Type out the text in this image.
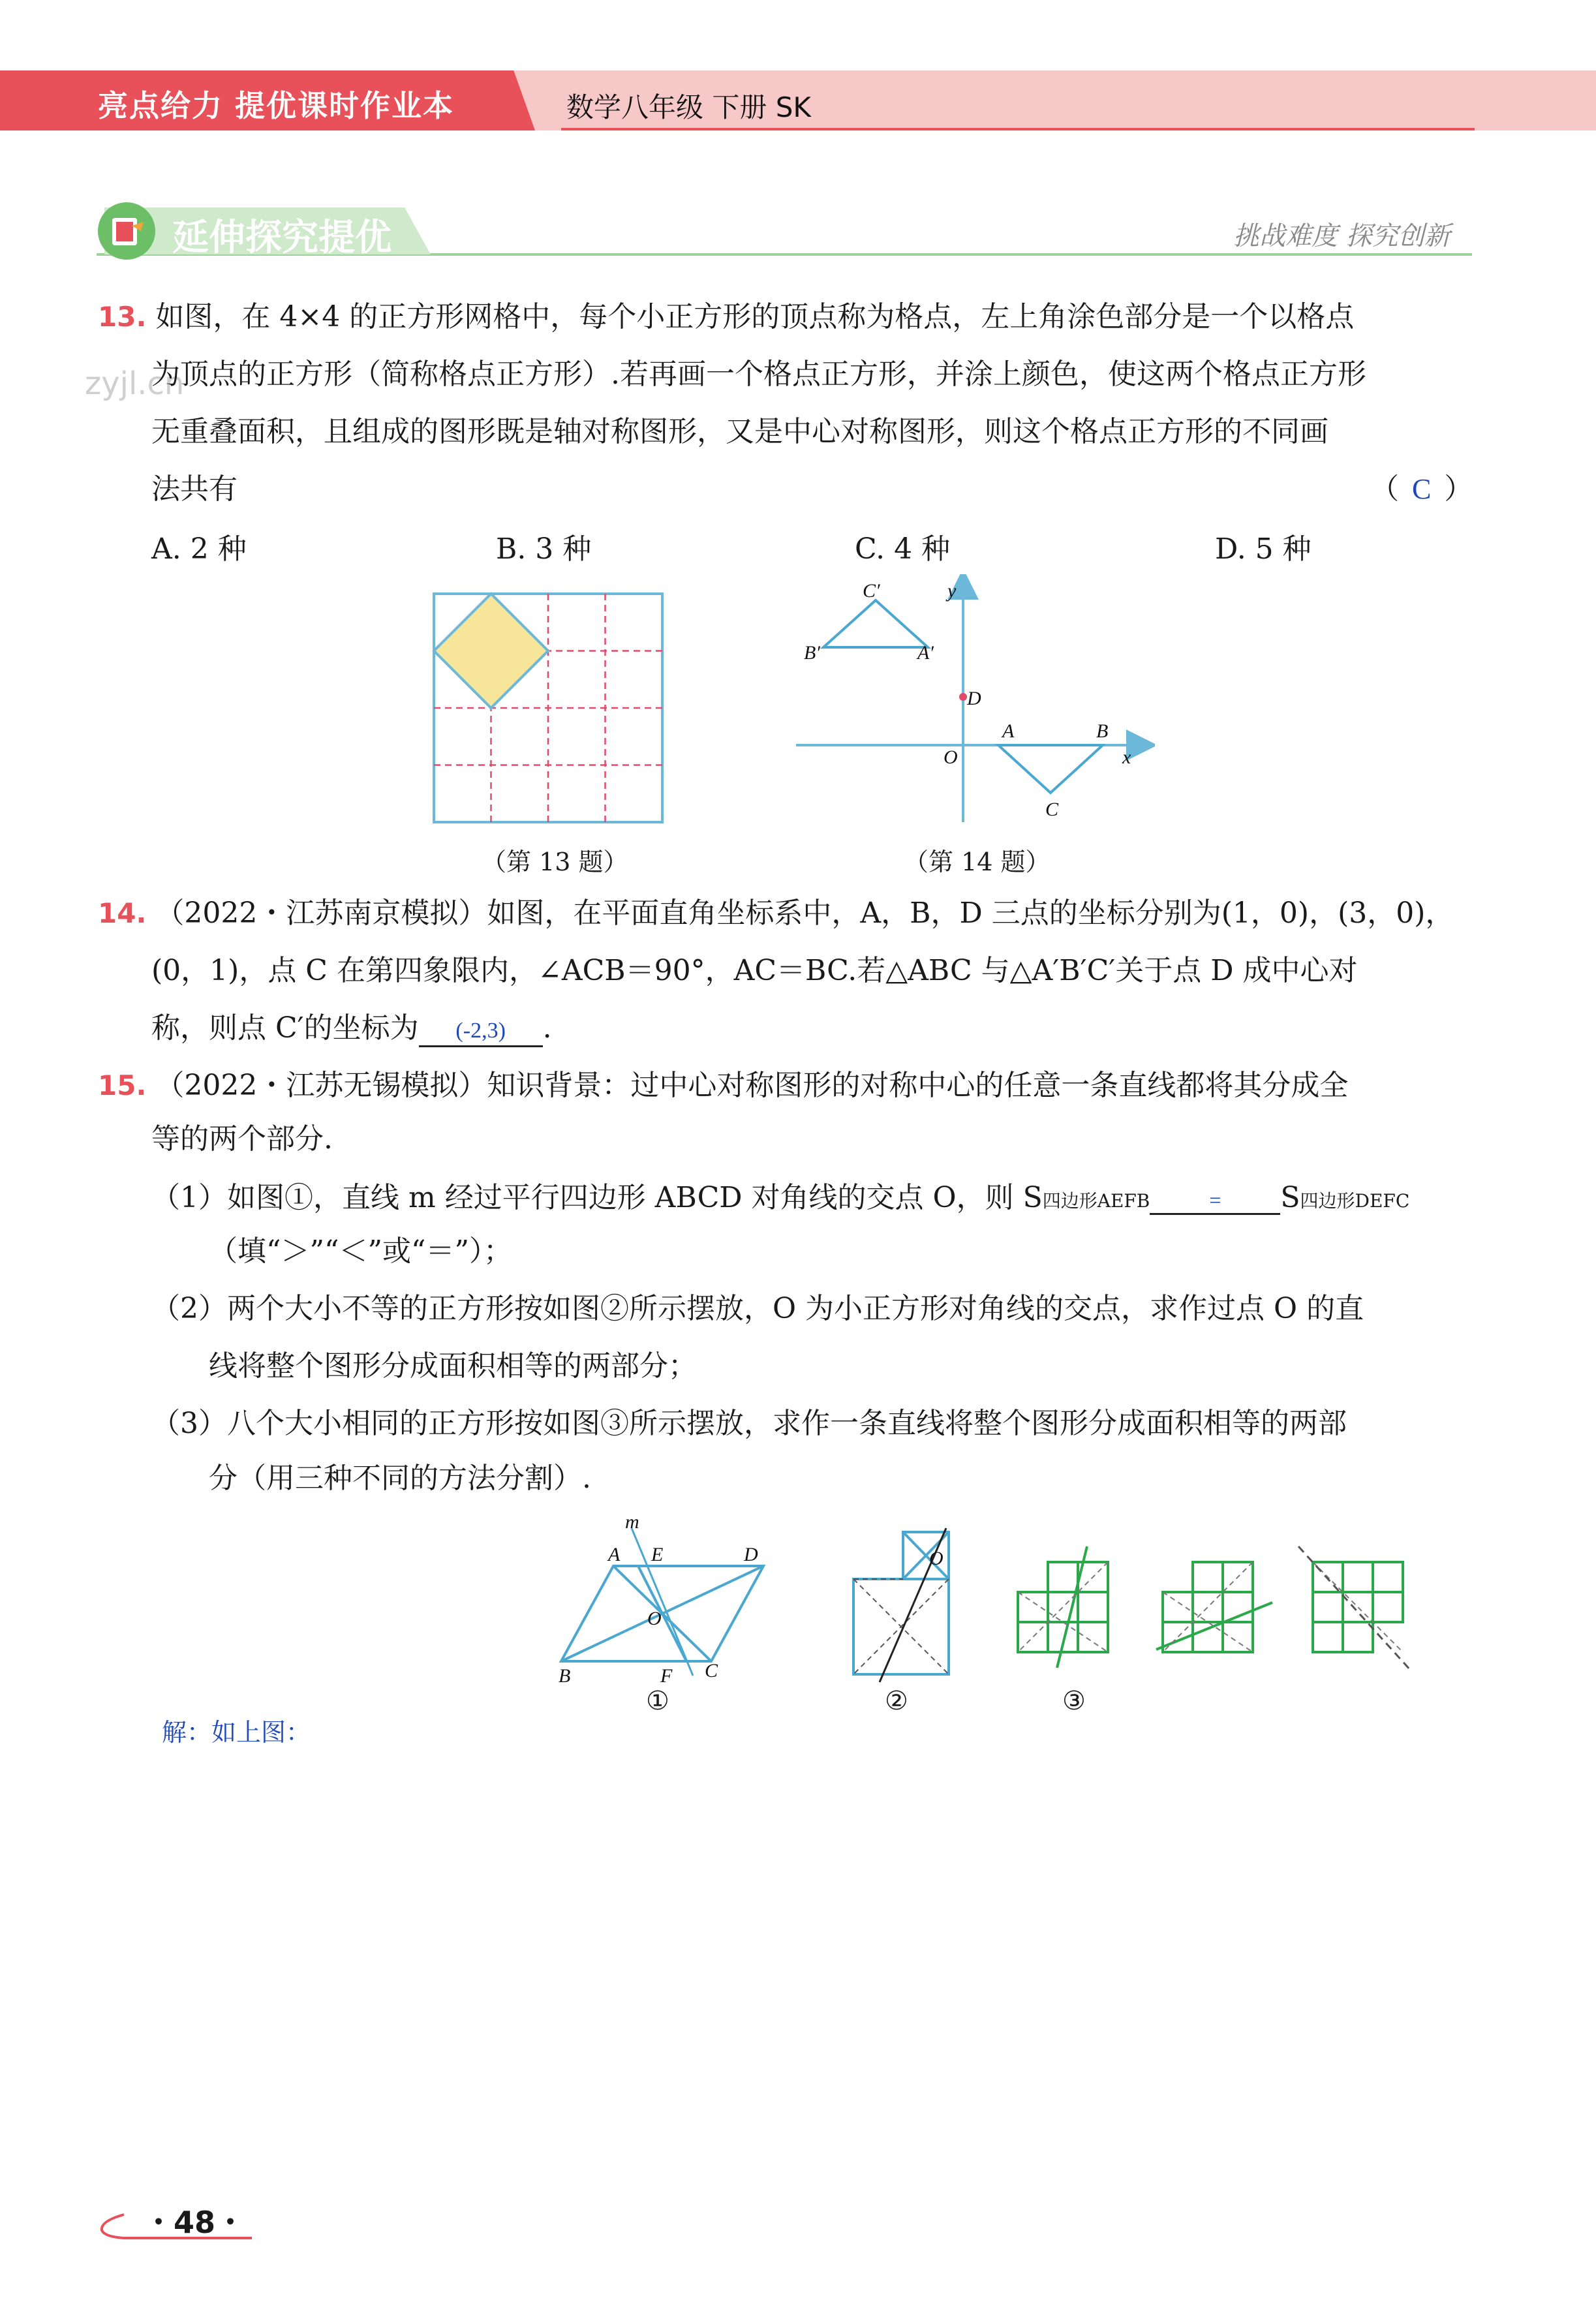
亮点给力 提优课时作业本	数学八年级 下册 SK
延伸探究提优	挑战难度 探究创新
zyjl.cn
13. 如图，在 4×4 的正方形网格中，每个小正方形的顶点称为格点，左上角涂色部分是一个以格点
为顶点的正方形（简称格点正方形）.若再画一个格点正方形，并涂上颜色，使这两个格点正方形
无重叠面积，且组成的图形既是轴对称图形，又是中心对称图形，则这个格点正方形的不同画
法共有	（ C ）
A. 2 种	B. 3 种	C. 4 种	D. 5 种
（第 13 题）
C′
B′	A′
D
O
A	B
C
x
y
（第 14 题）
14. （2022・江苏南京模拟）如图，在平面直角坐标系中，A，B，D 三点的坐标分别为(1，0)，(3，0)，
(0，1)，点 C 在第四象限内，∠ACB＝90°，AC＝BC.若△ABC 与△A′B′C′关于点 D 成中心对
称，则点 C′的坐标为 (-2,3) .
15. （2022・江苏无锡模拟）知识背景：过中心对称图形的对称中心的任意一条直线都将其分成全
等的两个部分.
（1）如图①，直线 m 经过平行四边形 ABCD 对角线的交点 O，则 S四边形AEFB	= S四边形DEFC
（填“＞”“＜”或“＝”）；
（2）两个大小不等的正方形按如图②所示摆放，O 为小正方形对角线的交点，求作过点 O 的直
线将整个图形分成面积相等的两部分；
（3）八个大小相同的正方形按如图③所示摆放，求作一条直线将整个图形分成面积相等的两部
分（用三种不同的方法分割）.
m
A E	D
O
B	F C
①
O
②	③
解：如上图：
・48・
